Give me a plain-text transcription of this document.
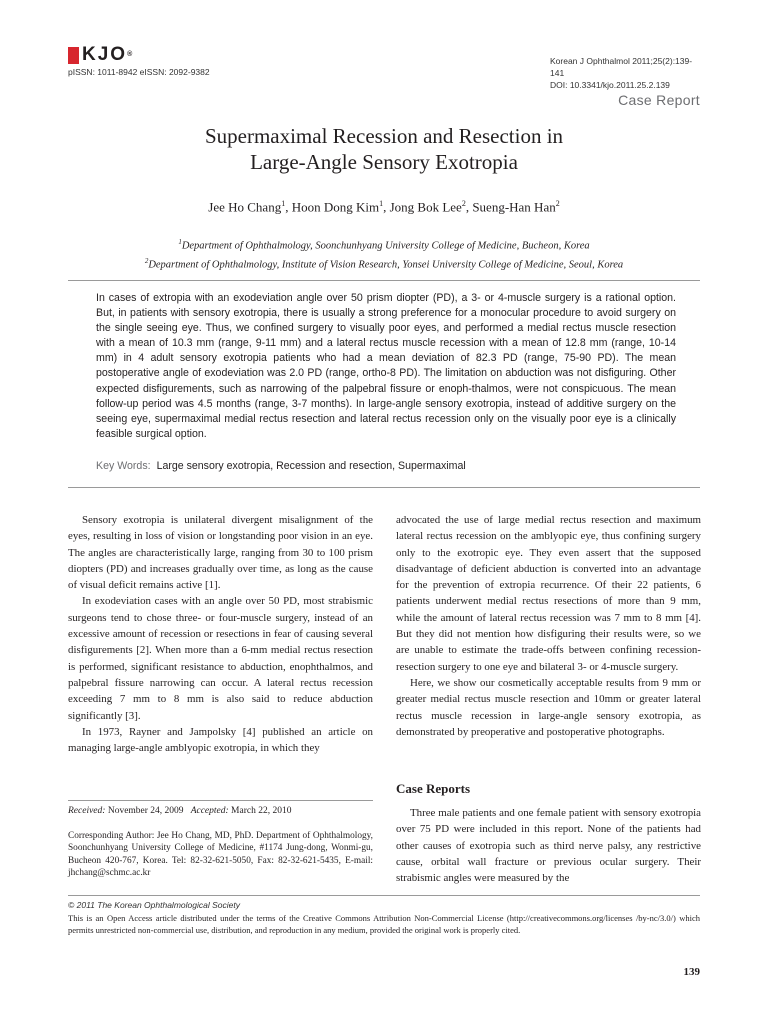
KJO®
pISSN: 1011-8942 eISSN: 2092-9382
Korean J Ophthalmol 2011;25(2):139-141
DOI: 10.3341/kjo.2011.25.2.139
Case Report
Supermaximal Recession and Resection in
Large-Angle Sensory Exotropia
Jee Ho Chang$^1$, Hoon Dong Kim$^1$, Jong Bok Lee$^2$, Sueng-Han Han$^2$
$^1$Department of Ophthalmology, Soonchunhyang University College of Medicine, Bucheon, Korea
$^2$Department of Ophthalmology, Institute of Vision Research, Yonsei University College of Medicine, Seoul, Korea
In cases of extropia with an exodeviation angle over 50 prism diopter (PD), a 3- or 4-muscle surgery is a rational option. But, in patients with sensory exotropia, there is usually a strong preference for a monocular procedure to avoid surgery on the single seeing eye. Thus, we confined surgery to visually poor eyes, and performed a medial rectus muscle resection with a mean of 10.3 mm (range, 9-11 mm) and a lateral rectus muscle recession with a mean of 12.8 mm (range, 10-14 mm) in 4 adult sensory exotropia patients who had a mean deviation of 82.3 PD (range, 75-90 PD). The mean postoperative angle of exodeviation was 2.0 PD (range, ortho-8 PD). The limitation on abduction was not disfiguring. Other expected disfigurements, such as narrowing of the palpebral fissure or enoph-thalmos, were not conspicuous. The mean follow-up period was 4.5 months (range, 3-7 months). In large-angle sensory exotropia, instead of additive surgery on the seeing eye, supermaximal medial rectus resection and lateral rectus recession only on the visually poor eye is a clinically feasible surgical option.
Key Words: Large sensory exotropia, Recession and resection, Supermaximal

Sensory exotropia is unilateral divergent misalignment of the eyes, resulting in loss of vision or longstanding poor vision in an eye. The angles are characteristically large, ranging from 30 to 100 prism diopters (PD) and increases gradually over time, as long as the cause of visual deficit remains active [1].

In exodeviation cases with an angle over 50 PD, most strabismic surgeons tend to chose three- or four-muscle surgery, instead of an excessive amount of recession or resections in fear of causing several disfigurements [2]. When more than a 6-mm medial rectus resection is performed, significant resistance to abduction, enophthalmos, and palpebral fissure narrowing can occur. A lateral rectus recession exceeding 7 mm to 8 mm is also said to reduce abduction significantly [3].

In 1973, Rayner and Jampolsky [4] published an article on managing large-angle amblyopic exotropia, in which they

advocated the use of large medial rectus resection and maximum lateral rectus recession on the amblyopic eye, thus confining surgery only to the exotropic eye. They even assert that the supposed disadvantage of deficient abduction is converted into an advantage for the prevention of extropia recurrence. Of their 22 patients, 6 patients underwent medial rectus resections of more than 9 mm, while the amount of lateral rectus recession was 7 mm to 8 mm [4]. But they did not mention how disfiguring their results were, so we are unable to estimate the trade-offs between confining recession-resection surgery to one eye and bilateral 3- or 4-muscle surgery.

Here, we show our cosmetically acceptable results from 9 mm or greater medial rectus muscle resection and 10mm or greater lateral rectus muscle recession in large-angle sensory exotropia, as demonstrated by preoperative and postoperative photographs.

Case Reports

Three male patients and one female patient with sensory exotropia over 75 PD were included in this report. None of the patients had other causes of exotropia such as third nerve palsy, any restrictive cause, orbital wall fracture or previous ocular surgery. Their strabismic angles were measured by the

Received: November 24, 2009 Accepted: March 22, 2010
Corresponding Author: Jee Ho Chang, MD, PhD. Department of Ophthalmology, Soonchunhyang University College of Medicine, #1174 Jung-dong, Wonmi-gu, Bucheon 420-767, Korea. Tel: 82-32-621-5050, Fax: 82-32-621-5435, E-mail: jhchang@schmc.ac.kr
© 2011 The Korean Ophthalmological Society
This is an Open Access article distributed under the terms of the Creative Commons Attribution Non-Commercial License (http://creativecommons.org/licenses /by-nc/3.0/) which permits unrestricted non-commercial use, distribution, and reproduction in any medium, provided the original work is properly cited.
139
